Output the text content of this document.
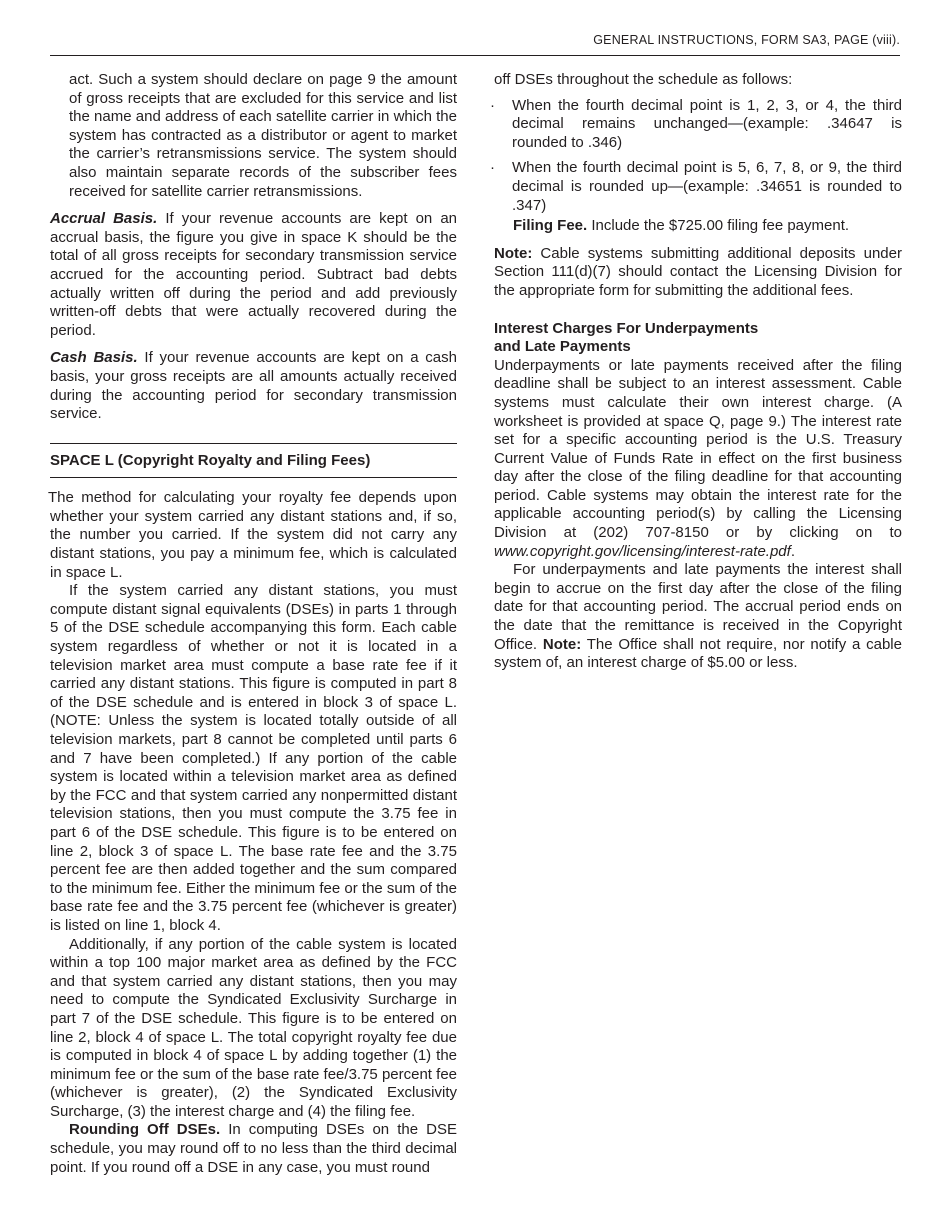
GENERAL INSTRUCTIONS, FORM SA3, PAGE (viii).

act. Such a system should declare on page 9 the amount of gross receipts that are excluded for this service and list the name and address of each satellite carrier in which the system has contracted as a distributor or agent to market the carrier’s retransmissions service. The system should also maintain separate records of the subscriber fees received for satellite carrier retransmissions.

Accrual Basis. If your revenue accounts are kept on an accrual basis, the figure you give in space K should be the total of all gross receipts for secondary transmission service accrued for the accounting period. Subtract bad debts actually written off during the period and add previously written-off debts that were actually recovered during the period.

Cash Basis. If your revenue accounts are kept on a cash basis, your gross receipts are all amounts actually received during the accounting period for secondary transmission service.

SPACE L (Copyright Royalty and Filing Fees)

The method for calculating your royalty fee depends upon whether your system carried any distant stations and, if so, the number you carried. If the system did not carry any distant stations, you pay a minimum fee, which is calculated in space L.

If the system carried any distant stations, you must compute distant signal equivalents (DSEs) in parts 1 through 5 of the DSE schedule accompanying this form. Each cable system regardless of whether or not it is located in a television market area must compute a base rate fee if it carried any distant stations. This figure is computed in part 8 of the DSE schedule and is entered in block 3 of space L. (NOTE: Unless the system is located totally outside of all television markets, part 8 cannot be completed until parts 6 and 7 have been completed.) If any portion of the cable system is located within a television market area as defined by the FCC and that system carried any nonpermitted distant television stations, then you must compute the 3.75 fee in part 6 of the DSE schedule. This figure is to be entered on line 2, block 3 of space L. The base rate fee and the 3.75 percent fee are then added together and the sum compared to the minimum fee. Either the minimum fee or the sum of the base rate fee and the 3.75 percent fee (whichever is greater) is listed on line 1, block 4.

Additionally, if any portion of the cable system is located within a top 100 major market area as defined by the FCC and that system carried any distant stations, then you may need to compute the Syndicated Exclusivity Surcharge in part 7 of the DSE schedule. This figure is to be entered on line 2, block 4 of space L. The total copyright royalty fee due is computed in block 4 of space L by adding together (1) the minimum fee or the sum of the base rate fee/3.75 percent fee (whichever is greater), (2) the Syndicated Exclusivity Surcharge, (3) the interest charge and (4) the filing fee.

Rounding Off DSEs. In computing DSEs on the DSE schedule, you may round off to no less than the third decimal point. If you round off a DSE in any case, you must round

off DSEs throughout the schedule as follows:

· When the fourth decimal point is 1, 2, 3, or 4, the third decimal remains unchanged—(example: .34647 is rounded to .346)

· When the fourth decimal point is 5, 6, 7, 8, or 9, the third decimal is rounded up—(example: .34651 is rounded to .347)

Filing Fee. Include the $725.00 filing fee payment.

Note: Cable systems submitting additional deposits under Section 111(d)(7) should contact the Licensing Division for the appropriate form for submitting the additional fees.

Interest Charges For Underpayments
and Late Payments

Underpayments or late payments received after the filing deadline shall be subject to an interest assessment. Cable systems must calculate their own interest charge. (A worksheet is provided at space Q, page 9.) The interest rate set for a specific accounting period is the U.S. Treasury Current Value of Funds Rate in effect on the first business day after the close of the filing deadline for that accounting period. Cable systems may obtain the interest rate for the applicable accounting period(s) by calling the Licensing Division at (202) 707-8150 or by clicking on to www.copyright.gov/licensing/interest-rate.pdf.

For underpayments and late payments the interest shall begin to accrue on the first day after the close of the filing date for that accounting period. The accrual period ends on the date that the remittance is received in the Copyright Office. Note: The Office shall not require, nor notify a cable system of, an interest charge of $5.00 or less.
